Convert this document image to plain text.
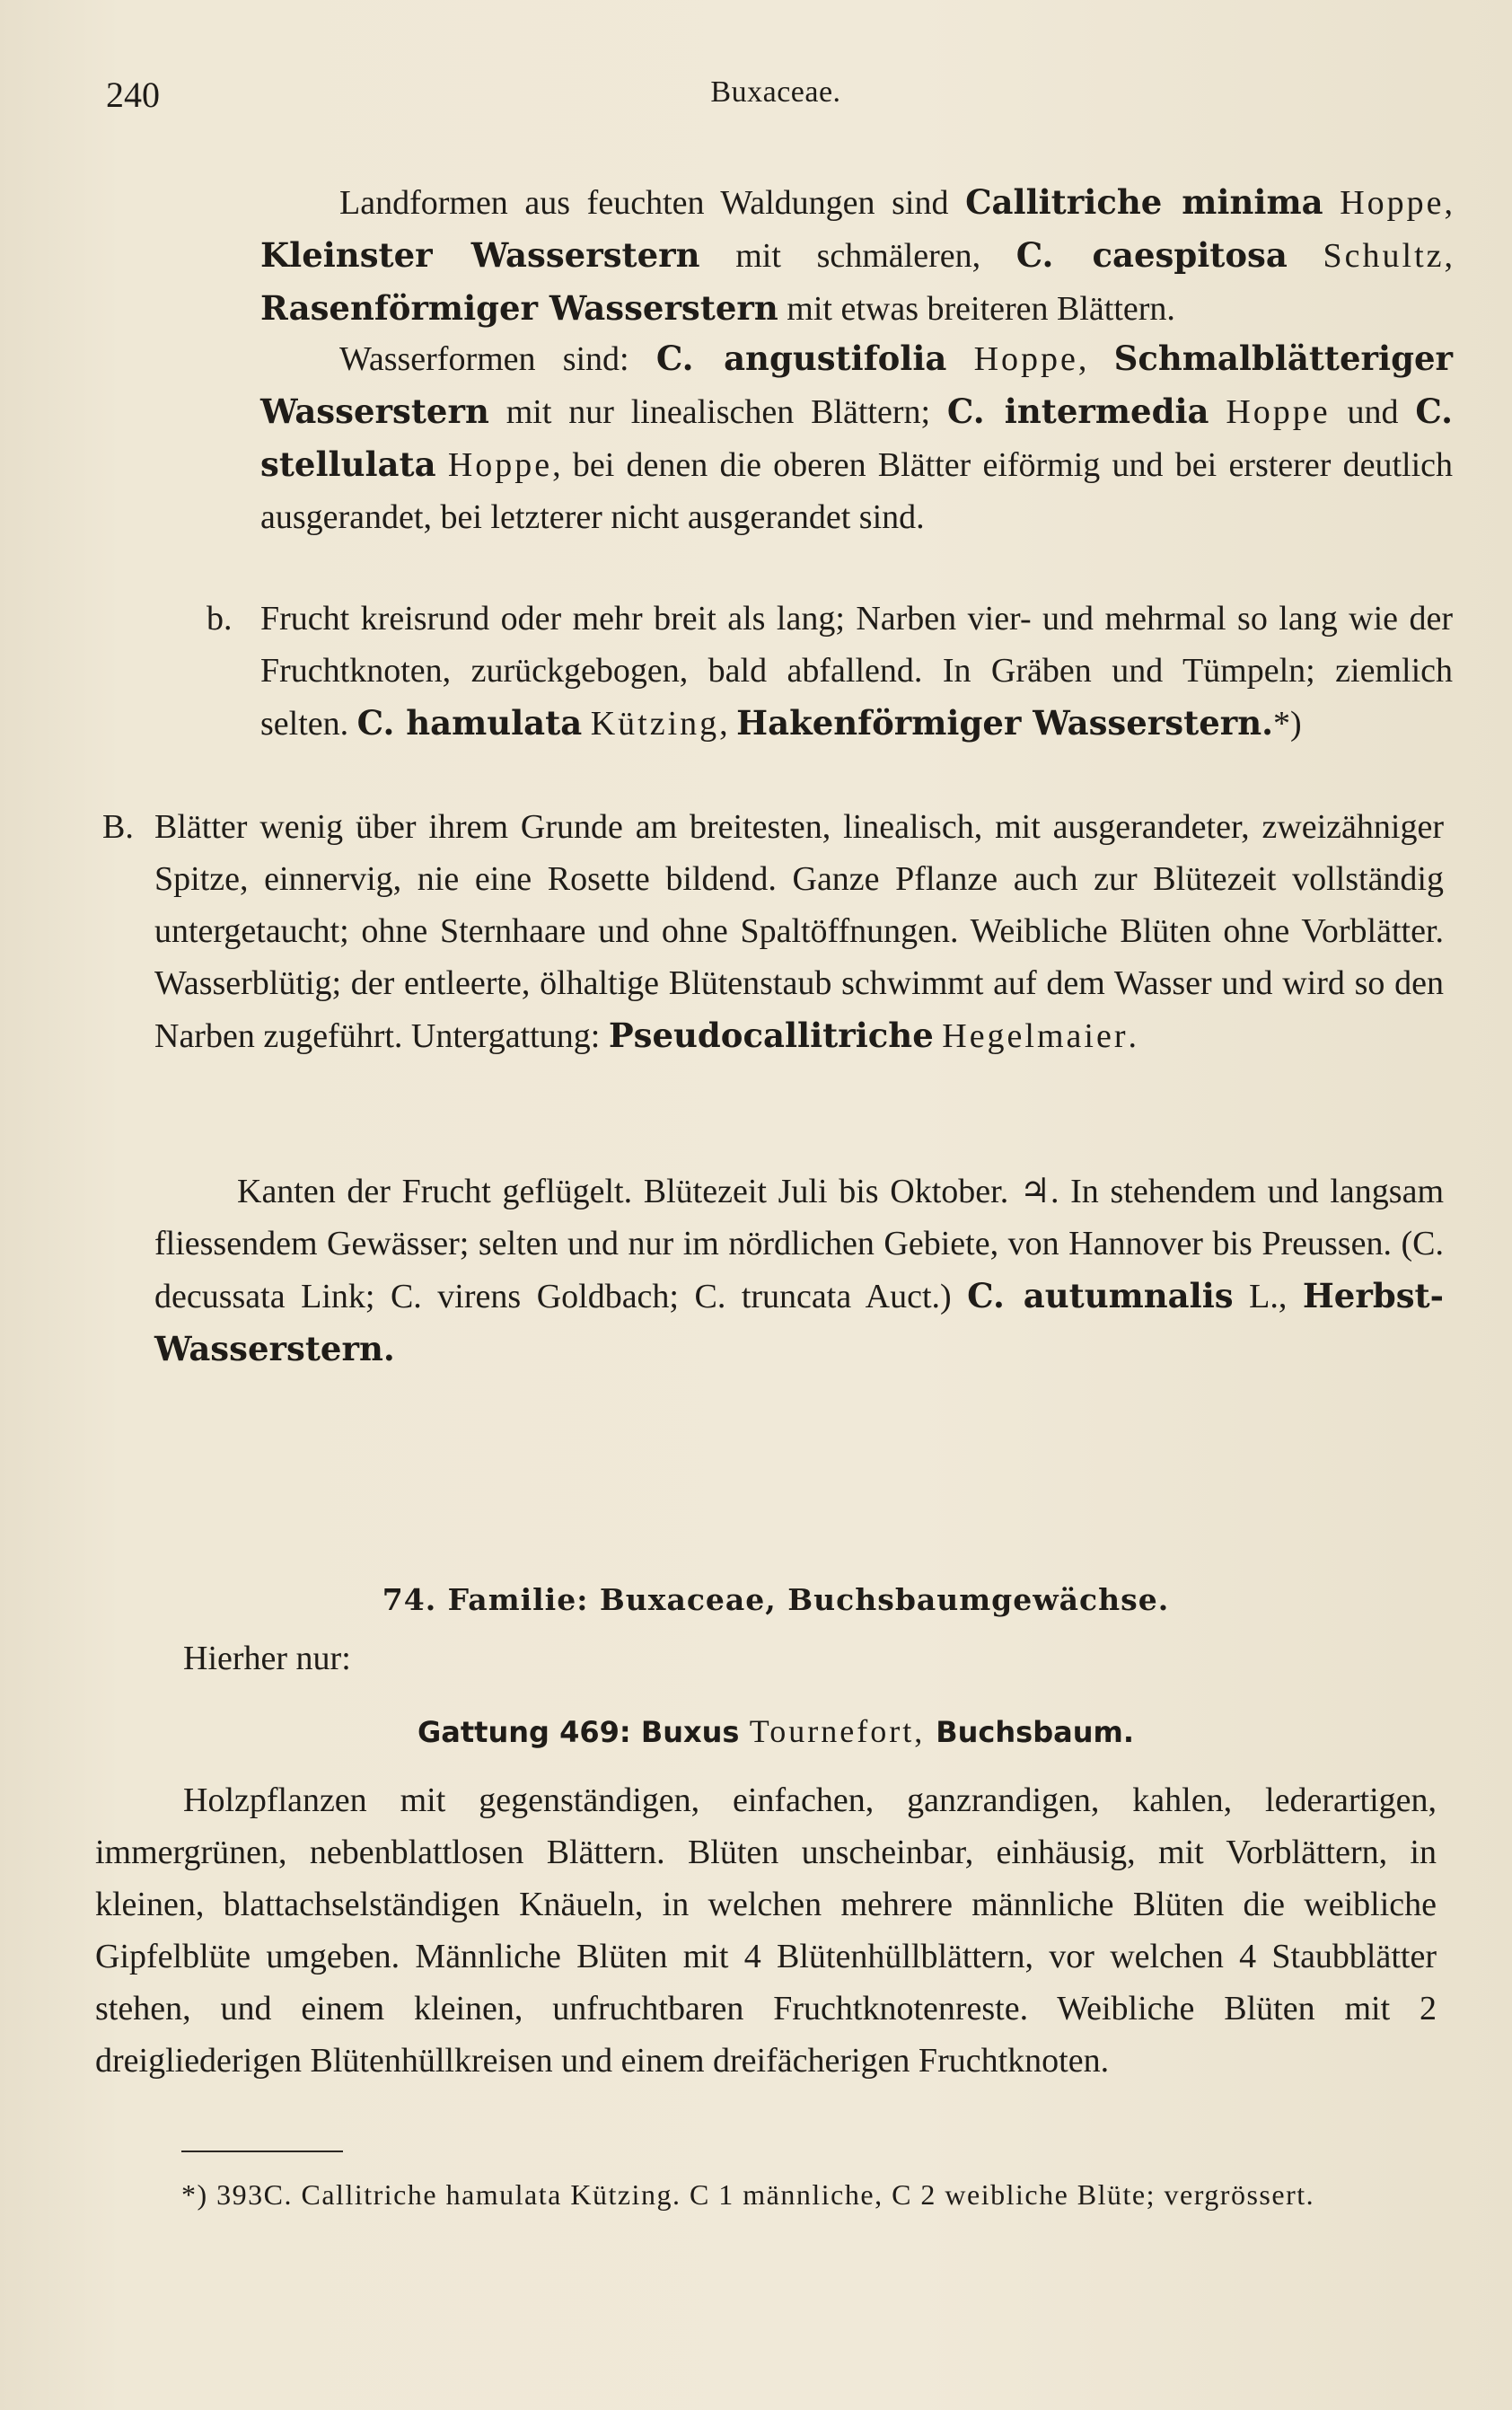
240	Buxaceae.

Landformen aus feuchten Waldungen sind Callitriche minima Hoppe, Kleinster Wasserstern mit schmäleren, C. caespitosa Schultz, Rasenförmiger Wasserstern mit etwas breiteren Blättern.

Wasserformen sind: C. angustifolia Hoppe, Schmalblätteriger Wasserstern mit nur linealischen Blättern; C. intermedia Hoppe und C. stellulata Hoppe, bei denen die oberen Blätter eiförmig und bei ersterer deutlich ausgerandet, bei letzterer nicht ausgerandet sind.

b. Frucht kreisrund oder mehr breit als lang; Narben vier- und mehrmal so lang wie der Fruchtknoten, zurückgebogen, bald abfallend. In Gräben und Tümpeln; ziemlich selten. C. hamulata Kützing, Hakenförmiger Wasserstern.*)

B. Blätter wenig über ihrem Grunde am breitesten, linealisch, mit ausgerandeter, zweizähniger Spitze, einnervig, nie eine Rosette bildend. Ganze Pflanze auch zur Blütezeit vollständig untergetaucht; ohne Sternhaare und ohne Spaltöffnungen. Weibliche Blüten ohne Vorblätter. Wasserblütig; der entleerte, ölhaltige Blütenstaub schwimmt auf dem Wasser und wird so den Narben zugeführt. Untergattung: Pseudocallitriche Hegelmaier.

Kanten der Frucht geflügelt. Blütezeit Juli bis Oktober. ♃. In stehendem und langsam fliessendem Gewässer; selten und nur im nördlichen Gebiete, von Hannover bis Preussen. (C. decussata Link; C. virens Goldbach; C. truncata Auct.) C. autumnalis L., Herbst-Wasserstern.

74. Familie: Buxaceae, Buchsbaumgewächse.

Hierher nur:

Gattung 469: Buxus Tournefort, Buchsbaum.

Holzpflanzen mit gegenständigen, einfachen, ganzrandigen, kahlen, lederartigen, immergrünen, nebenblattlosen Blättern. Blüten unscheinbar, einhäusig, mit Vorblättern, in kleinen, blattachselständigen Knäueln, in welchen mehrere männliche Blüten die weibliche Gipfelblüte umgeben. Männliche Blüten mit 4 Blütenhüllblättern, vor welchen 4 Staubblätter stehen, und einem kleinen, unfruchtbaren Fruchtknotenreste. Weibliche Blüten mit 2 dreigliederigen Blütenhüllkreisen und einem dreifächerigen Fruchtknoten.

*) 393C. Callitriche hamulata Kützing. C 1 männliche, C 2 weibliche Blüte; vergrössert.
